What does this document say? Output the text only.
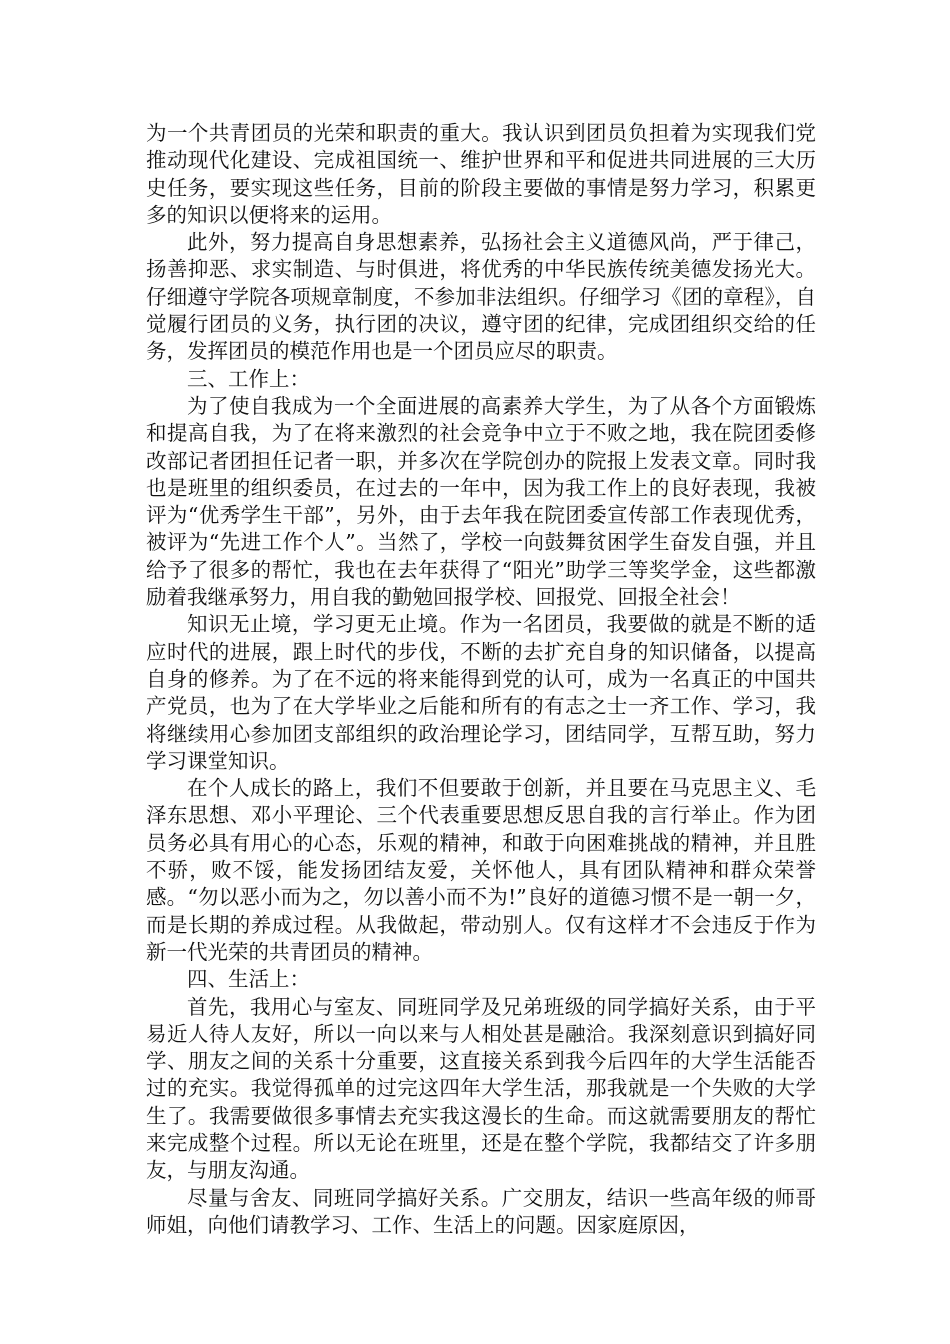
为一个共青团员的光荣和职责的重大。我认识到团员负担着为实现我们党推动现代化建设、完成祖国统一、维护世界和平和促进共同进展的三大历史任务，要实现这些任务，目前的阶段主要做的事情是努力学习，积累更多的知识以便将来的运用。

此外，努力提高自身思想素养，弘扬社会主义道德风尚，严于律己，扬善抑恶、求实制造、与时俱进，将优秀的中华民族传统美德发扬光大。仔细遵守学院各项规章制度，不参加非法组织。仔细学习《团的章程》，自觉履行团员的义务，执行团的决议，遵守团的纪律，完成团组织交给的任务，发挥团员的模范作用也是一个团员应尽的职责。

三、工作上：

为了使自我成为一个全面进展的高素养大学生，为了从各个方面锻炼和提高自我，为了在将来激烈的社会竞争中立于不败之地，我在院团委修改部记者团担任记者一职，并多次在学院创办的院报上发表文章。同时我也是班里的组织委员，在过去的一年中，因为我工作上的良好表现，我被评为“优秀学生干部”，另外，由于去年我在院团委宣传部工作表现优秀，被评为“先进工作个人”。当然了，学校一向鼓舞贫困学生奋发自强，并且给予了很多的帮忙，我也在去年获得了“阳光”助学三等奖学金，这些都激励着我继承努力，用自我的勤勉回报学校、回报党、回报全社会！

知识无止境，学习更无止境。作为一名团员，我要做的就是不断的适应时代的进展，跟上时代的步伐，不断的去扩充自身的知识储备，以提高自身的修养。为了在不远的将来能得到党的认可，成为一名真正的中国共产党员，也为了在大学毕业之后能和所有的有志之士一齐工作、学习，我将继续用心参加团支部组织的政治理论学习，团结同学，互帮互助，努力学习课堂知识。

在个人成长的路上，我们不但要敢于创新，并且要在马克思主义、毛泽东思想、邓小平理论、三个代表重要思想反思自我的言行举止。作为团员务必具有用心的心态，乐观的精神，和敢于向困难挑战的精神，并且胜不骄，败不馁，能发扬团结友爱，关怀他人，具有团队精神和群众荣誉感。“勿以恶小而为之，勿以善小而不为!”良好的道德习惯不是一朝一夕，而是长期的养成过程。从我做起，带动别人。仅有这样才不会违反于作为新一代光荣的共青团员的精神。

四、生活上：

首先，我用心与室友、同班同学及兄弟班级的同学搞好关系，由于平易近人待人友好，所以一向以来与人相处甚是融洽。我深刻意识到搞好同学、朋友之间的关系十分重要，这直接关系到我今后四年的大学生活能否过的充实。我觉得孤单的过完这四年大学生活，那我就是一个失败的大学生了。我需要做很多事情去充实我这漫长的生命。而这就需要朋友的帮忙来完成整个过程。所以无论在班里，还是在整个学院，我都结交了许多朋友，与朋友沟通。

尽量与舍友、同班同学搞好关系。广交朋友，结识一些高年级的师哥师姐，向他们请教学习、工作、生活上的问题。因家庭原因，
